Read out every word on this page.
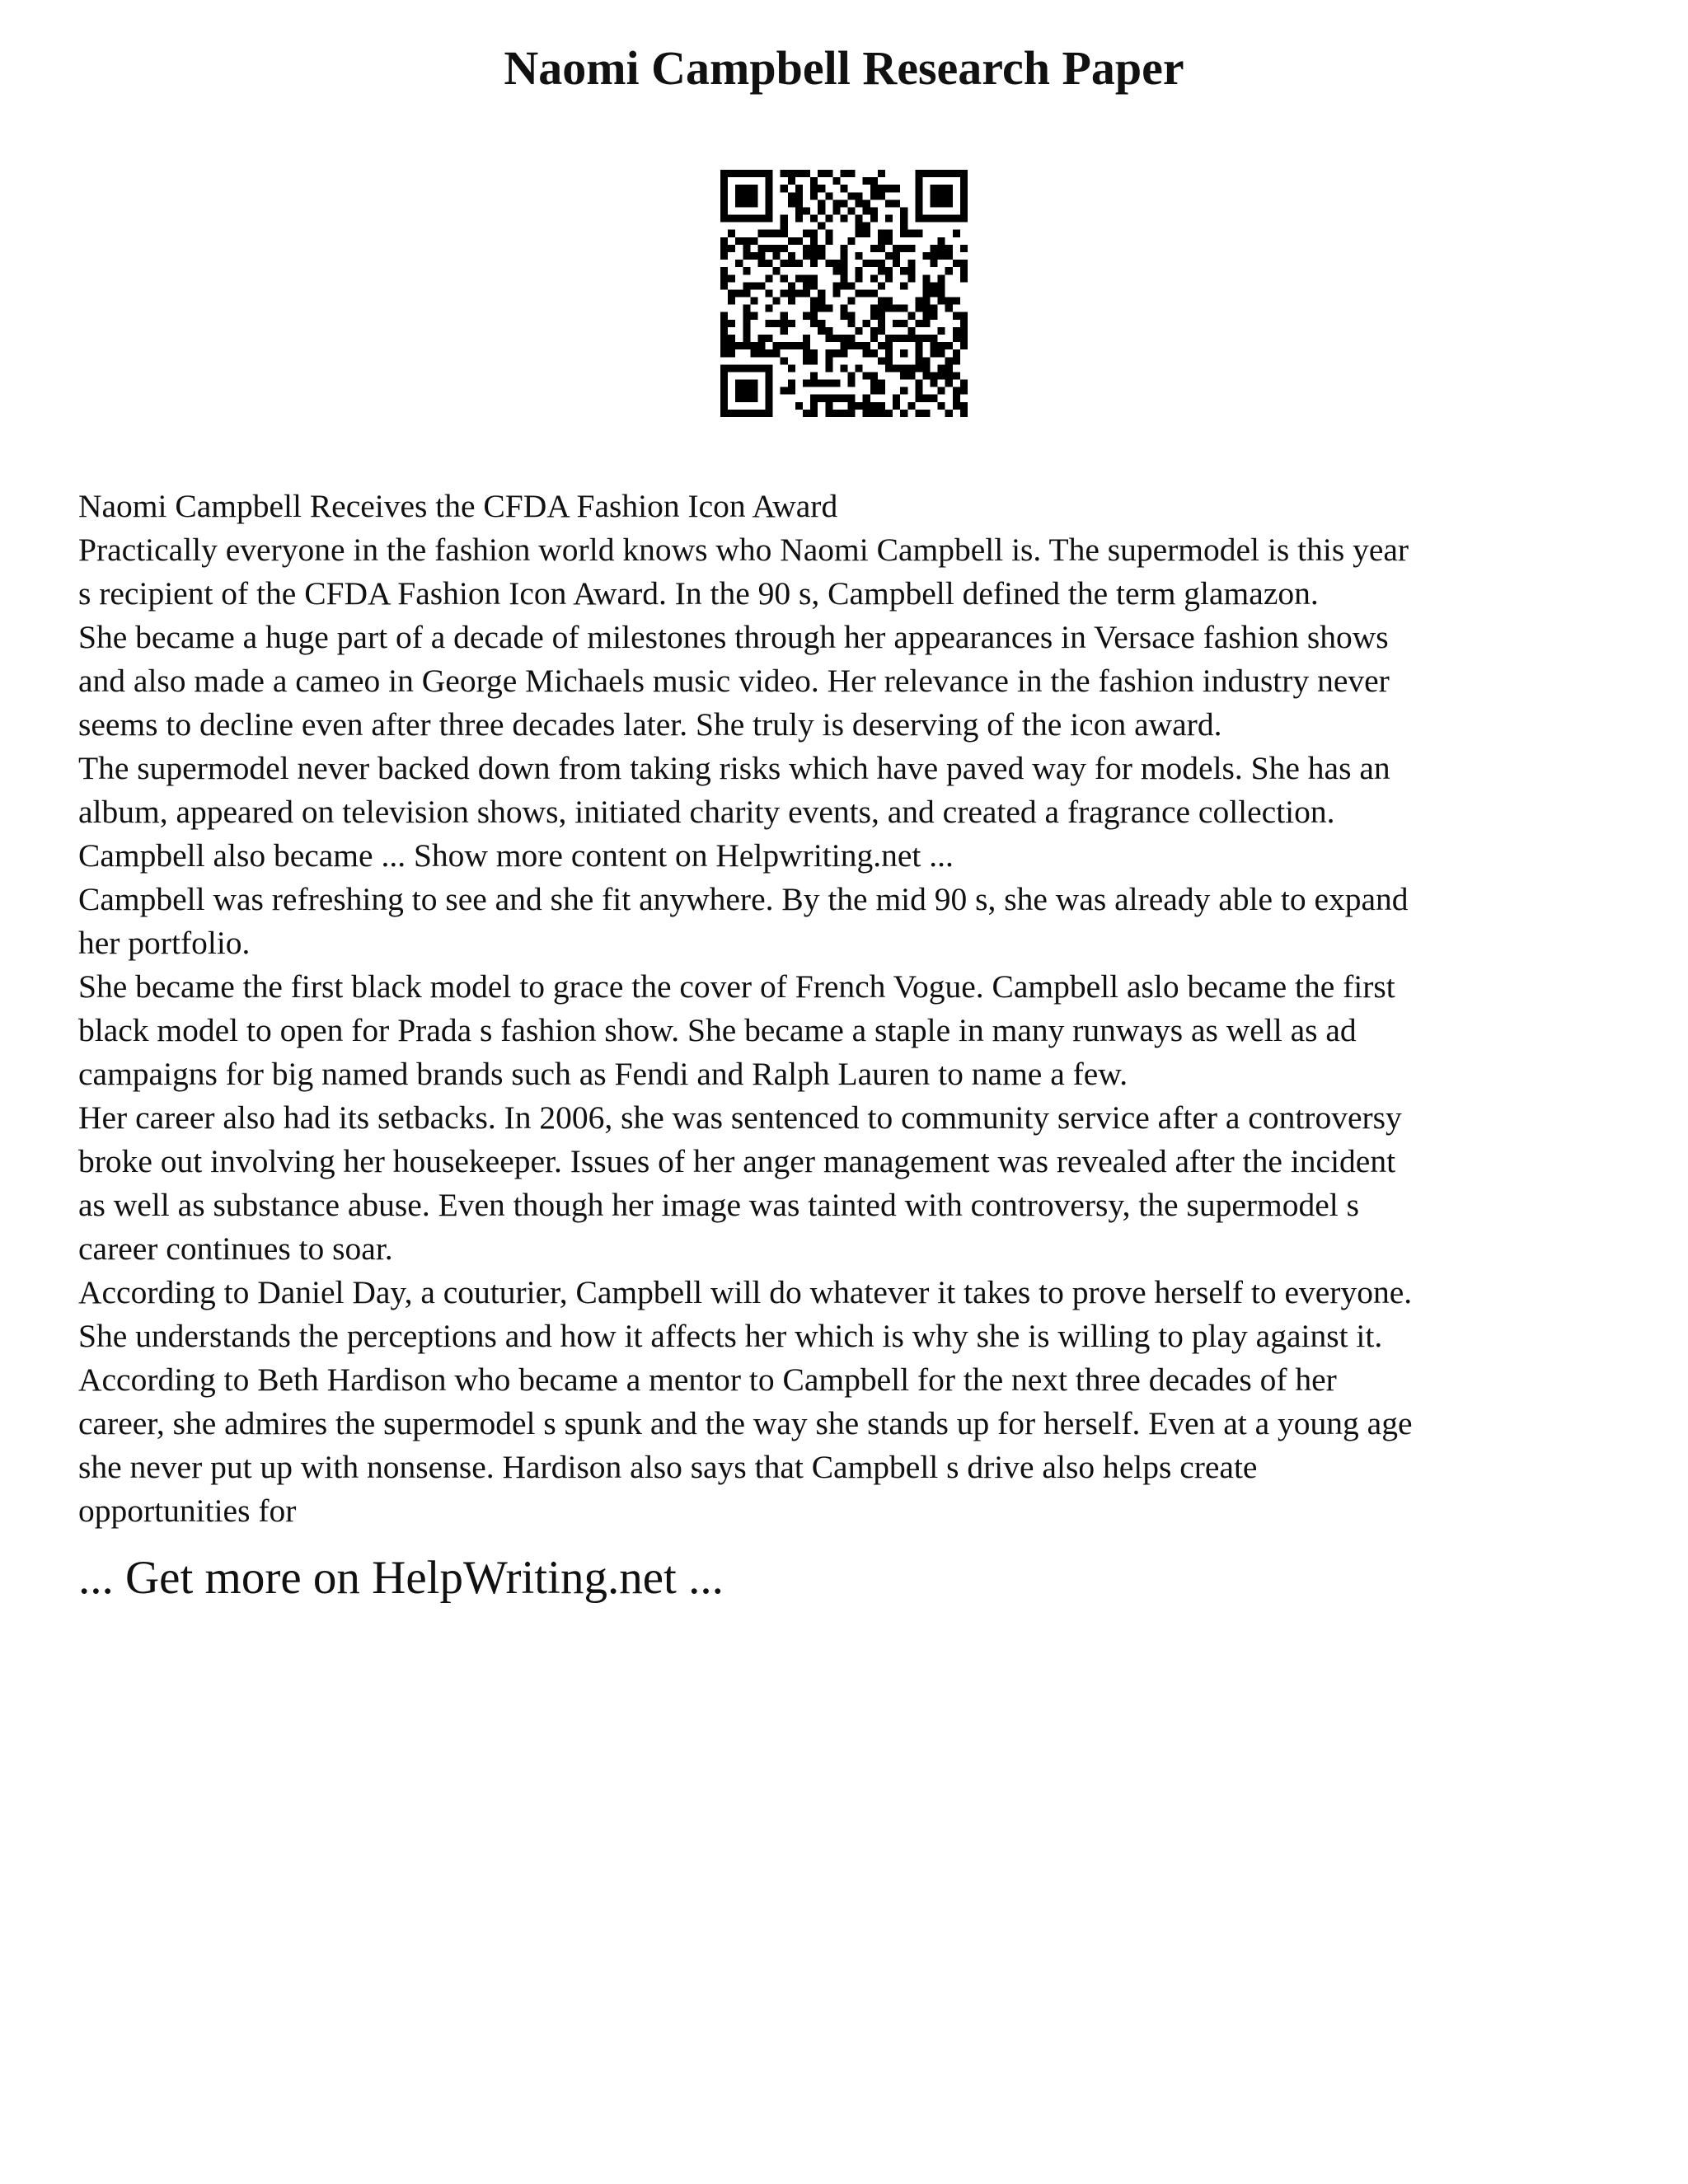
Naomi Campbell Research Paper
Naomi Campbell Receives the CFDA Fashion Icon Award
Practically everyone in the fashion world knows who Naomi Campbell is. The supermodel is this year
s recipient of the CFDA Fashion Icon Award. In the 90 s, Campbell defined the term glamazon.
She became a huge part of a decade of milestones through her appearances in Versace fashion shows
and also made a cameo in George Michaels music video. Her relevance in the fashion industry never
seems to decline even after three decades later. She truly is deserving of the icon award.
The supermodel never backed down from taking risks which have paved way for models. She has an
album, appeared on television shows, initiated charity events, and created a fragrance collection.
Campbell also became ... Show more content on Helpwriting.net ...
Campbell was refreshing to see and she fit anywhere. By the mid 90 s, she was already able to expand
her portfolio.
She became the first black model to grace the cover of French Vogue. Campbell aslo became the first
black model to open for Prada s fashion show. She became a staple in many runways as well as ad
campaigns for big named brands such as Fendi and Ralph Lauren to name a few.
Her career also had its setbacks. In 2006, she was sentenced to community service after a controversy
broke out involving her housekeeper. Issues of her anger management was revealed after the incident
as well as substance abuse. Even though her image was tainted with controversy, the supermodel s
career continues to soar.
According to Daniel Day, a couturier, Campbell will do whatever it takes to prove herself to everyone.
She understands the perceptions and how it affects her which is why she is willing to play against it.
According to Beth Hardison who became a mentor to Campbell for the next three decades of her
career, she admires the supermodel s spunk and the way she stands up for herself. Even at a young age
she never put up with nonsense. Hardison also says that Campbell s drive also helps create
opportunities for
... Get more on HelpWriting.net ...
